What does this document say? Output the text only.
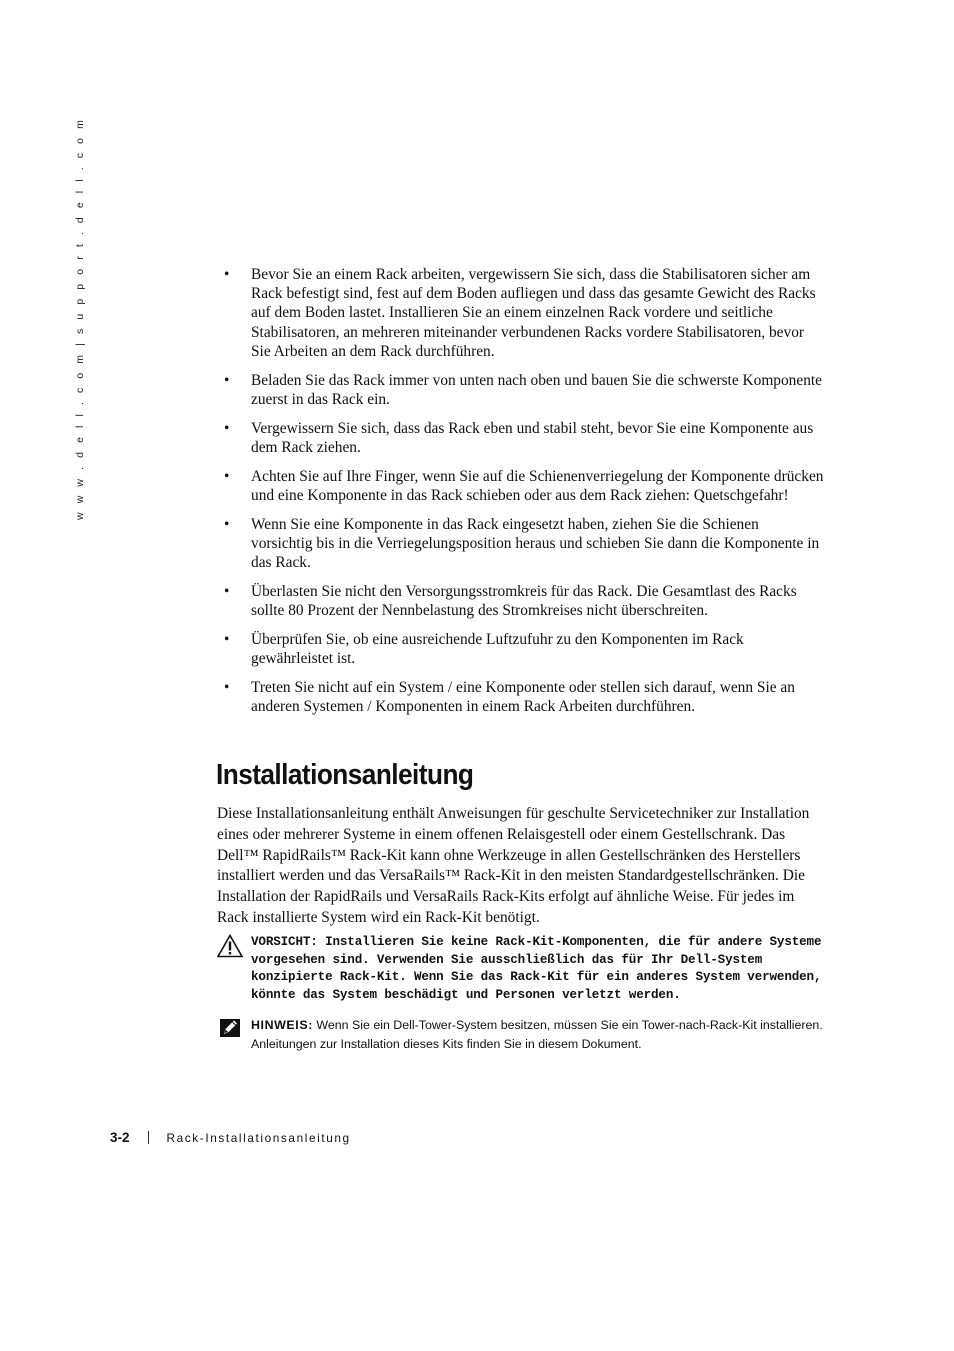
w w w . d e l l . c o m | s u p p o r t . d e l l . c o m	• Bevor Sie an einem Rack arbeiten, vergewissern Sie sich, dass die Stabilisatoren sicher am Rack befestigt sind, fest auf dem Boden aufliegen und dass das gesamte Gewicht des Racks auf dem Boden lastet. Installieren Sie an einem einzelnen Rack vordere und seitliche Stabilisatoren, an mehreren miteinander verbundenen Racks vordere Stabilisatoren, bevor Sie Arbeiten an dem Rack durchführen.
• Beladen Sie das Rack immer von unten nach oben und bauen Sie die schwerste Komponente zuerst in das Rack ein.
• Vergewissern Sie sich, dass das Rack eben und stabil steht, bevor Sie eine Komponente aus dem Rack ziehen.
• Achten Sie auf Ihre Finger, wenn Sie auf die Schienenverriegelung der Komponente drücken und eine Komponente in das Rack schieben oder aus dem Rack ziehen: Quetschgefahr!
• Wenn Sie eine Komponente in das Rack eingesetzt haben, ziehen Sie die Schienen vorsichtig bis in die Verriegelungsposition heraus und schieben Sie dann die Komponente in das Rack.
• Überlasten Sie nicht den Versorgungsstromkreis für das Rack. Die Gesamtlast des Racks sollte 80 Prozent der Nennbelastung des Stromkreises nicht überschreiten.
• Überprüfen Sie, ob eine ausreichende Luftzufuhr zu den Komponenten im Rack gewährleistet ist.
• Treten Sie nicht auf ein System / eine Komponente oder stellen sich darauf, wenn Sie an anderen Systemen / Komponenten in einem Rack Arbeiten durchführen.
Installationsanleitung

Diese Installationsanleitung enthält Anweisungen für geschulte Servicetechniker zur Installation eines oder mehrerer Systeme in einem offenen Relaisgestell oder einem Gestellschrank. Das Dell™ RapidRails™ Rack-Kit kann ohne Werkzeuge in allen Gestellschränken des Herstellers installiert werden und das VersaRails™ Rack-Kit in den meisten Standardgestellschränken. Die Installation der RapidRails und VersaRails Rack-Kits erfolgt auf ähnliche Weise. Für jedes im Rack installierte System wird ein Rack-Kit benötigt.

VORSICHT: Installieren Sie keine Rack-Kit-Komponenten, die für andere Systeme vorgesehen sind. Verwenden Sie ausschließlich das für Ihr Dell-System konzipierte Rack-Kit. Wenn Sie das Rack-Kit für ein anderes System verwenden, könnte das System beschädigt und Personen verletzt werden.

HINWEIS: Wenn Sie ein Dell-Tower-System besitzen, müssen Sie ein Tower-nach-Rack-Kit installieren. Anleitungen zur Installation dieses Kits finden Sie in diesem Dokument.

3-2	Rack-Installationsanleitung
